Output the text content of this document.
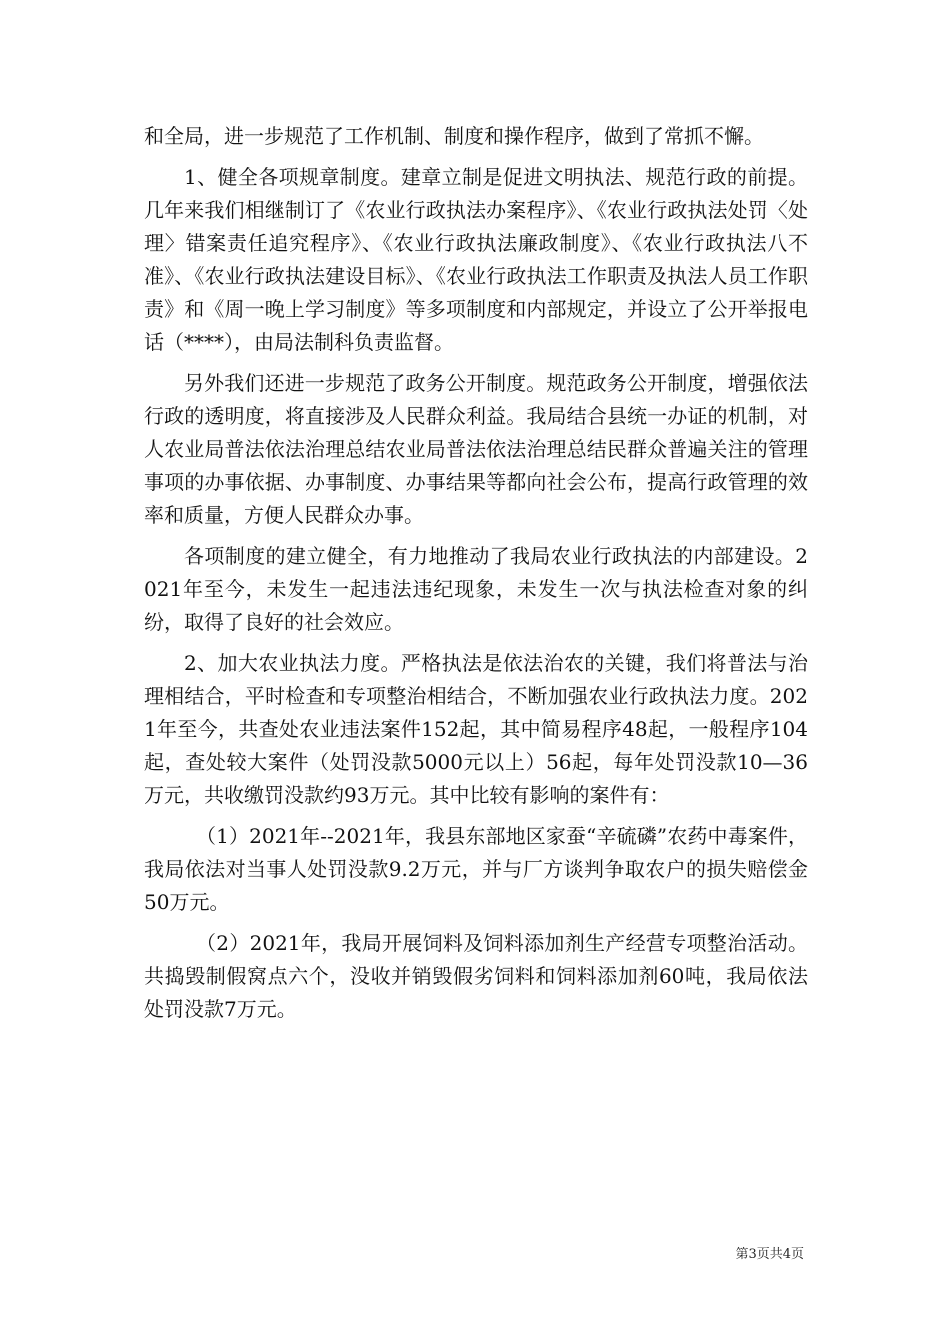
和全局，进一步规范了工作机制、制度和操作程序，做到了常抓不懈。

1、健全各项规章制度。建章立制是促进文明执法、规范行政的前提。几年来我们相继制订了《农业行政执法办案程序》、《农业行政执法处罚〈处理〉错案责任追究程序》、《农业行政执法廉政制度》、《农业行政执法八不准》、《农业行政执法建设目标》、《农业行政执法工作职责及执法人员工作职责》和《周一晚上学习制度》等多项制度和内部规定，并设立了公开举报电话（****），由局法制科负责监督。

另外我们还进一步规范了政务公开制度。规范政务公开制度，增强依法行政的透明度，将直接涉及人民群众利益。我局结合县统一办证的机制，对人农业局普法依法治理总结农业局普法依法治理总结民群众普遍关注的管理事项的办事依据、办事制度、办事结果等都向社会公布，提高行政管理的效率和质量，方便人民群众办事。

各项制度的建立健全，有力地推动了我局农业行政执法的内部建设。2021年至今，未发生一起违法违纪现象，未发生一次与执法检查对象的纠纷，取得了良好的社会效应。

2、加大农业执法力度。严格执法是依法治农的关键，我们将普法与治理相结合，平时检查和专项整治相结合，不断加强农业行政执法力度。2021年至今，共查处农业违法案件152起，其中简易程序48起，一般程序104起，查处较大案件（处罚没款5000元以上）56起，每年处罚没款10—36万元，共收缴罚没款约93万元。其中比较有影响的案件有：

（1）2021年--2021年，我县东部地区家蚕“辛硫磷”农药中毒案件，我局依法对当事人处罚没款9.2万元，并与厂方谈判争取农户的损失赔偿金50万元。

（2）2021年，我局开展饲料及饲料添加剂生产经营专项整治活动。共捣毁制假窝点六个，没收并销毁假劣饲料和饲料添加剂60吨，我局依法处罚没款7万元。

第3页共4页
